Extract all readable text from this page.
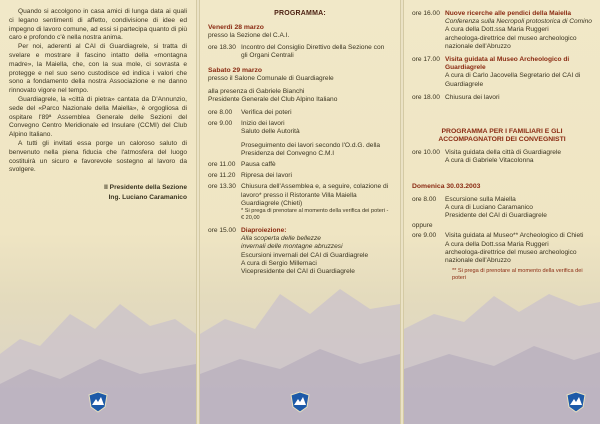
Quando si accolgono in casa amici di lunga data ai quali ci legano sentimenti di affetto, condivisione di idee ed impegno di lavoro comune, ad essi si partecipa quanto di più caro e profondo c'è nella nostra anima.

Per noi, aderenti al CAI di Guardiagrele, si tratta di svelare e mostrare il fascino intatto della «montagna madre», la Maiella, che, con la sua mole, ci sovrasta e protegge e nel suo seno custodisce ed indica i valori che sono a fondamento della nostra Associazione e ne danno rinnovato vigore nel tempo.

Guardiagrele, la «città di pietra» cantata da D'Annunzio, sede del «Parco Nazionale della Maiella», è orgogliosa di ospitare l'89ª Assemblea Generale delle Sezioni del Convegno Centro Meridionale ed Insulare (CCMI) del Club Alpino Italiano.

A tutti gli invitati essa porge un caloroso saluto di benvenuto nella piena fiducia che l'atmosfera del luogo costituirà un sicuro e favorevole sostegno al lavoro da svolgere.

Il Presidente della Sezione
Ing. Luciano Caramanico
PROGRAMMA:
Venerdì 28 marzo
presso la Sezione del C.A.I.
ore 18.30 Incontro del Consiglio Direttivo della Sezione con gli Organi Centrali
Sabato 29 marzo
presso il Salone Comunale di Guardiagrele
alla presenza di Gabriele Bianchi
Presidente Generale del Club Alpino Italiano
ore 8.00	Verifica dei poteri
ore 9.00	Inizio dei lavori
Saluto delle Autorità
Proseguimento dei lavori secondo l'O.d.G. della Presidenza del Convegno C.M.I
ore 11.00 Pausa caffè
ore 11.20 Ripresa dei lavori
ore 13.30 Chiusura dell'Assemblea e, a seguire, colazione di lavoro* presso il Ristorante Villa Maiella Guardiagrele (Chieti)
* Si prega di prenotare al momento della verifica dei poteri - € 20,00
ore 15.00 Diaproiezione:
Alla scoperta delle bellezze
invernali delle montagne abruzzesi
Escursioni invernali del CAI di Guardiagrele
A cura di Sergio Millemaci
Vicepresidente del CAI di Guardiagrele
ore 16.00 Nuove ricerche alle pendici della Maiella
Conferenza sulla Necropoli protostorica di Comino
A cura della Dott.ssa Maria Ruggeri
archeologa-direttrice del museo archeologico nazionale dell'Abruzzo
ore 17.00 Visita guidata al Museo Archeologico di Guardiagrele
A cura di Carlo Jacovella Segretario del CAI di Guardiagrele
ore 18.00 Chiusura dei lavori
PROGRAMMA PER I FAMILIARI E GLI
ACCOMPAGNATORI DEI CONVEGNISTI
ore 10.00 Visita guidata della città di Guardiagrele
A cura di Gabriele Vitacolonna
Domenica 30.03.2003
ore 8.00	Escursione sulla Maiella
A cura di Luciano Caramanico
Presidente del CAI di Guardiagrele
oppure
ore 9.00	Visita guidata al Museo** Archeologico di Chieti
A cura della Dott.ssa Maria Ruggeri
archeologa-direttrice del museo archeologico nazionale dell'Abruzzo
** Si prega di prenotare al momento della verifica dei poteri
